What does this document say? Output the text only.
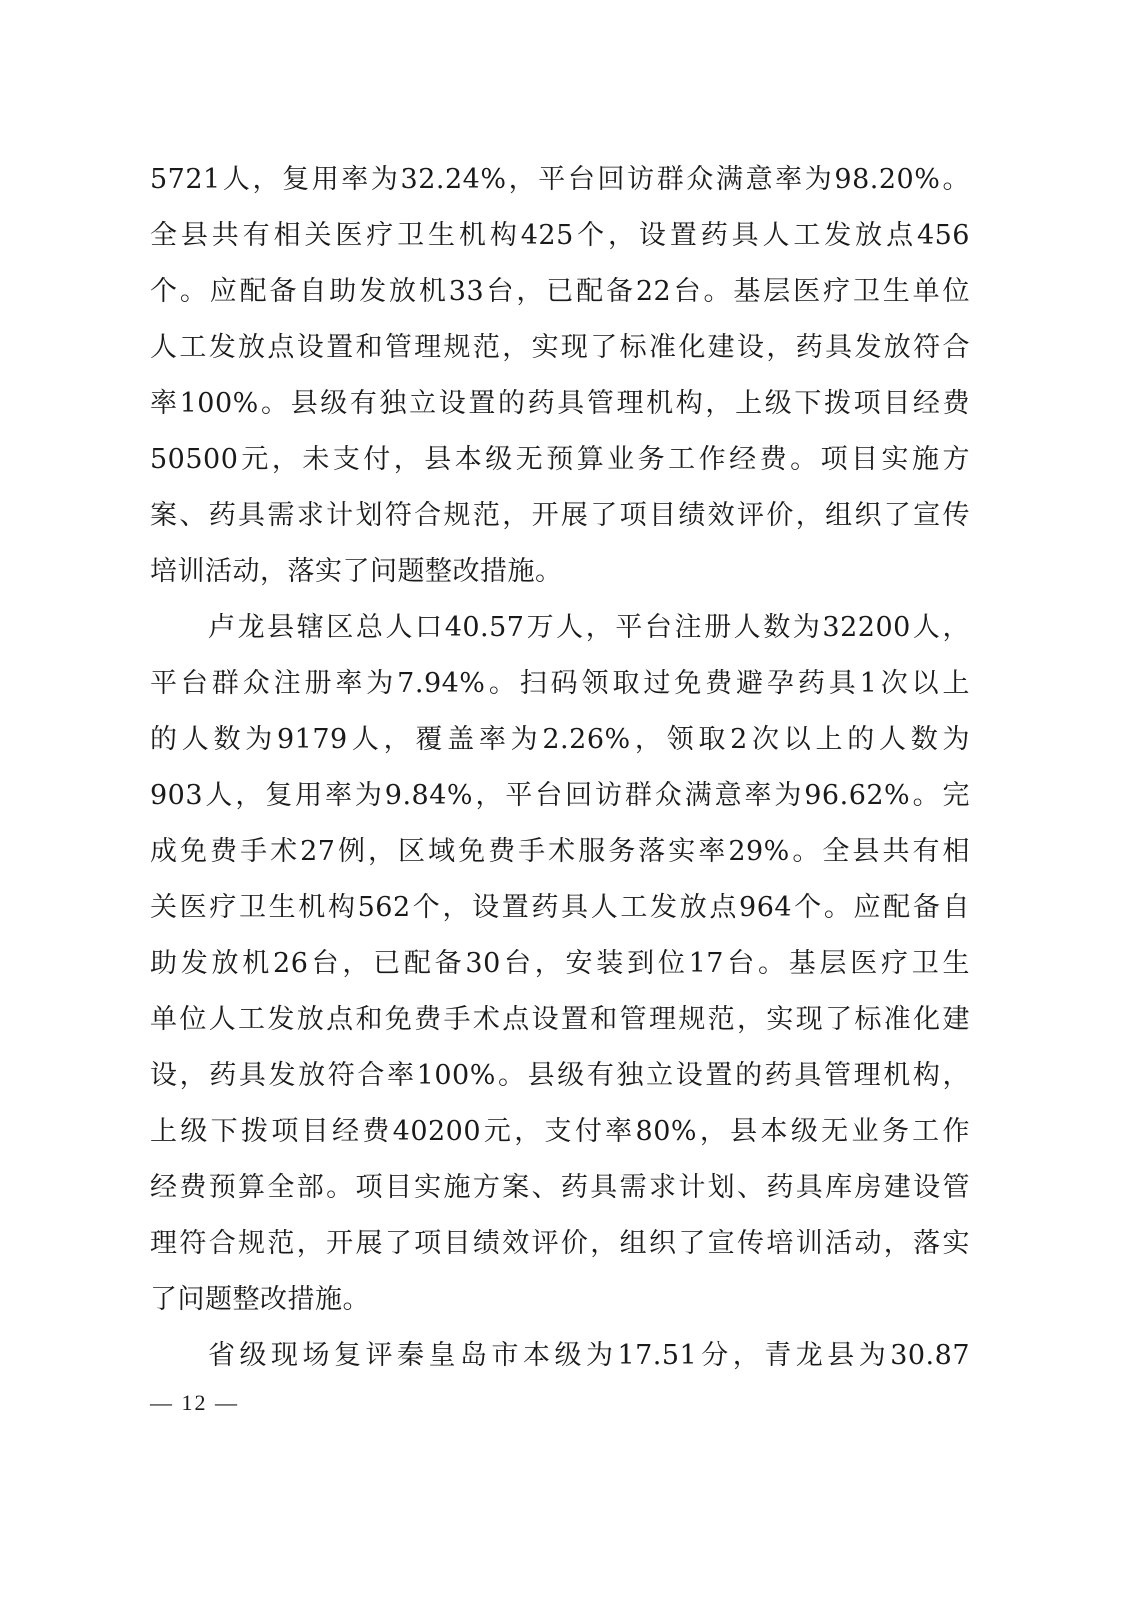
5721人，复用率为32.24%，平台回访群众满意率为98.20%。
全县共有相关医疗卫生机构425个，设置药具人工发放点456
个。应配备自助发放机33台，已配备22台。基层医疗卫生单位
人工发放点设置和管理规范，实现了标准化建设，药具发放符合
率100%。县级有独立设置的药具管理机构，上级下拨项目经费
50500元，未支付，县本级无预算业务工作经费。项目实施方
案、药具需求计划符合规范，开展了项目绩效评价，组织了宣传
培训活动，落实了问题整改措施。
卢龙县辖区总人口40.57万人，平台注册人数为32200人，
平台群众注册率为7.94%。扫码领取过免费避孕药具1次以上
的人数为9179人，覆盖率为2.26%，领取2次以上的人数为
903人，复用率为9.84%，平台回访群众满意率为96.62%。完
成免费手术27例，区域免费手术服务落实率29%。全县共有相
关医疗卫生机构562个，设置药具人工发放点964个。应配备自
助发放机26台，已配备30台，安装到位17台。基层医疗卫生
单位人工发放点和免费手术点设置和管理规范，实现了标准化建
设，药具发放符合率100%。县级有独立设置的药具管理机构，
上级下拨项目经费40200元，支付率80%，县本级无业务工作
经费预算全部。项目实施方案、药具需求计划、药具库房建设管
理符合规范，开展了项目绩效评价，组织了宣传培训活动，落实
了问题整改措施。
省级现场复评秦皇岛市本级为17.51分，青龙县为30.87
— 12 —
